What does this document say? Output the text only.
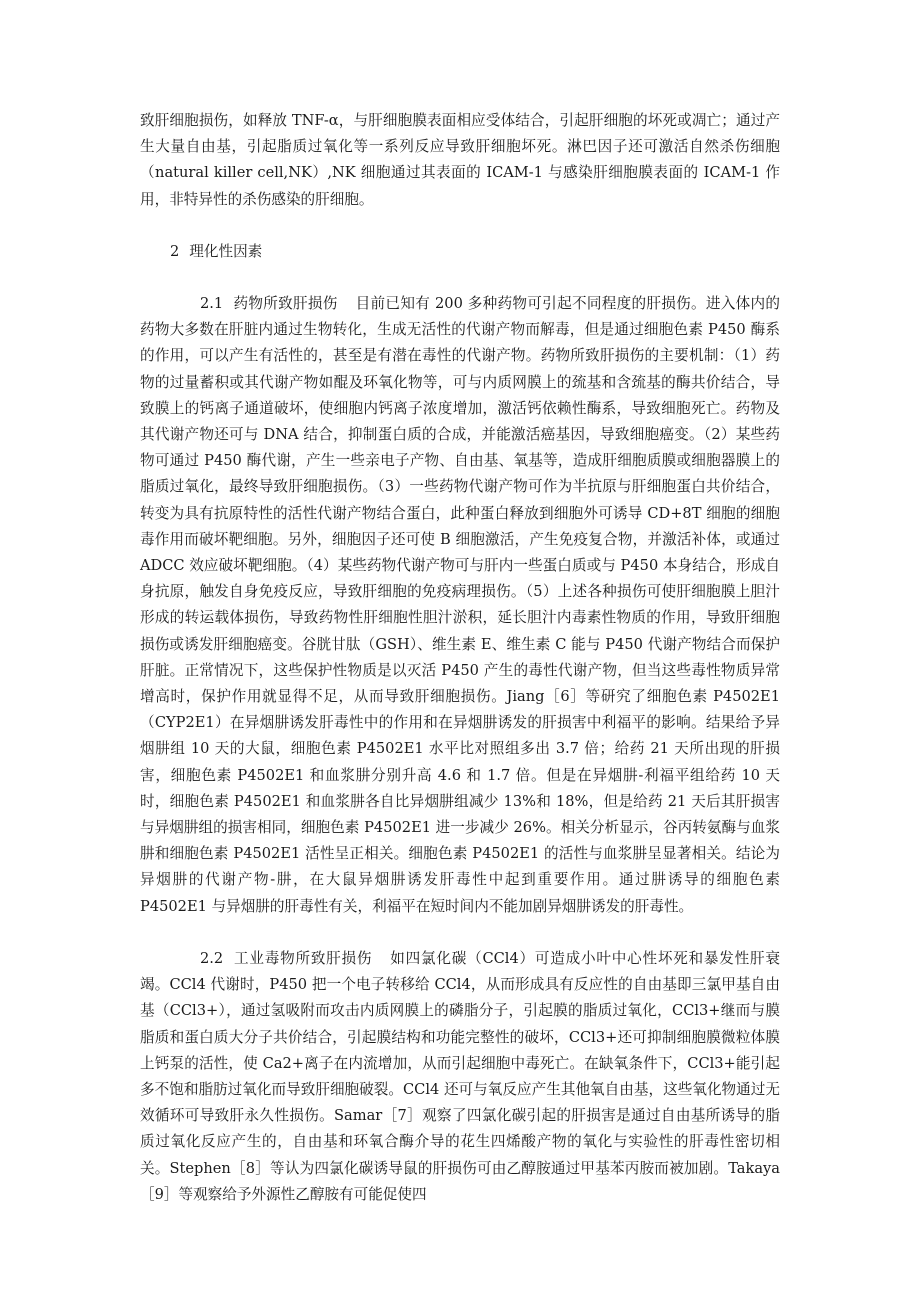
致肝细胞损伤，如释放 TNF-α，与肝细胞膜表面相应受体结合，引起肝细胞的坏死或凋亡；通过产生大量自由基，引起脂质过氧化等一系列反应导致肝细胞坏死。淋巴因子还可激活自然杀伤细胞（natural killer cell,NK）,NK 细胞通过其表面的 ICAM-1 与感染肝细胞膜表面的 ICAM-1 作用，非特异性的杀伤感染的肝细胞。

2 理化性因素

2.1 药物所致肝损伤 目前已知有 200 多种药物可引起不同程度的肝损伤。进入体内的药物大多数在肝脏内通过生物转化，生成无活性的代谢产物而解毒，但是通过细胞色素 P450 酶系的作用，可以产生有活性的，甚至是有潜在毒性的代谢产物。药物所致肝损伤的主要机制：（1）药物的过量蓄积或其代谢产物如醌及环氧化物等，可与内质网膜上的巯基和含巯基的酶共价结合，导致膜上的钙离子通道破坏，使细胞内钙离子浓度增加，激活钙依赖性酶系，导致细胞死亡。药物及其代谢产物还可与 DNA 结合，抑制蛋白质的合成，并能激活癌基因，导致细胞癌变。（2）某些药物可通过 P450 酶代谢，产生一些亲电子产物、自由基、氧基等，造成肝细胞质膜或细胞器膜上的脂质过氧化，最终导致肝细胞损伤。（3）一些药物代谢产物可作为半抗原与肝细胞蛋白共价结合，转变为具有抗原特性的活性代谢产物结合蛋白，此种蛋白释放到细胞外可诱导 CD+8T 细胞的细胞毒作用而破坏靶细胞。另外，细胞因子还可使 B 细胞激活，产生免疫复合物，并激活补体，或通过 ADCC 效应破坏靶细胞。（4）某些药物代谢产物可与肝内一些蛋白质或与 P450 本身结合，形成自身抗原，触发自身免疫反应，导致肝细胞的免疫病理损伤。（5）上述各种损伤可使肝细胞膜上胆汁形成的转运载体损伤，导致药物性肝细胞性胆汁淤积，延长胆汁内毒素性物质的作用，导致肝细胞损伤或诱发肝细胞癌变。谷胱甘肽（GSH）、维生素 E、维生素 C 能与 P450 代谢产物结合而保护肝脏。正常情况下，这些保护性物质是以灭活 P450 产生的毒性代谢产物，但当这些毒性物质异常增高时，保护作用就显得不足，从而导致肝细胞损伤。Jiang［6］等研究了细胞色素 P4502E1（CYP2E1）在异烟肼诱发肝毒性中的作用和在异烟肼诱发的肝损害中利福平的影响。结果给予异烟肼组 10 天的大鼠，细胞色素 P4502E1 水平比对照组多出 3.7 倍；给药 21 天所出现的肝损害，细胞色素 P4502E1 和血浆肼分别升高 4.6 和 1.7 倍。但是在异烟肼-利福平组给药 10 天时，细胞色素 P4502E1 和血浆肼各自比异烟肼组减少 13%和 18%，但是给药 21 天后其肝损害与异烟肼组的损害相同，细胞色素 P4502E1 进一步减少 26%。相关分析显示，谷丙转氨酶与血浆肼和细胞色素 P4502E1 活性呈正相关。细胞色素 P4502E1 的活性与血浆肼呈显著相关。结论为异烟肼的代谢产物-肼，在大鼠异烟肼诱发肝毒性中起到重要作用。通过肼诱导的细胞色素 P4502E1 与异烟肼的肝毒性有关，利福平在短时间内不能加剧异烟肼诱发的肝毒性。

2.2 工业毒物所致肝损伤 如四氯化碳（CCl4）可造成小叶中心性坏死和暴发性肝衰竭。CCl4 代谢时，P450 把一个电子转移给 CCl4，从而形成具有反应性的自由基即三氯甲基自由基（CCl3+），通过氢吸附而攻击内质网膜上的磷脂分子，引起膜的脂质过氧化，CCl3+继而与膜脂质和蛋白质大分子共价结合，引起膜结构和功能完整性的破坏，CCl3+还可抑制细胞膜微粒体膜上钙泵的活性，使 Ca2+离子在内流增加，从而引起细胞中毒死亡。在缺氧条件下，CCl3+能引起多不饱和脂肪过氧化而导致肝细胞破裂。CCl4 还可与氧反应产生其他氧自由基，这些氧化物通过无效循环可导致肝永久性损伤。Samar［7］观察了四氯化碳引起的肝损害是通过自由基所诱导的脂质过氧化反应产生的，自由基和环氧合酶介导的花生四烯酸产物的氧化与实验性的肝毒性密切相关。Stephen［8］等认为四氯化碳诱导鼠的肝损伤可由乙醇胺通过甲基苯丙胺而被加剧。Takaya［9］等观察给予外源性乙醇胺有可能促使四
